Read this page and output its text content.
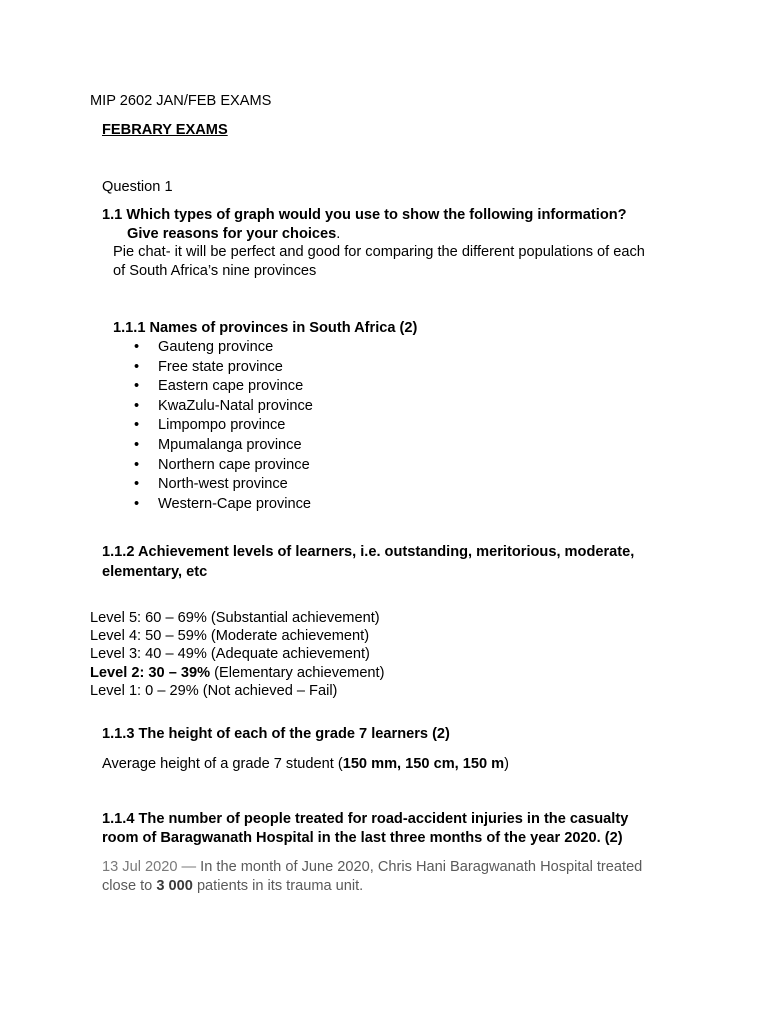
MIP 2602 JAN/FEB EXAMS
FEBRARY EXAMS
Question 1
1.1 Which types of graph would you use to show the following information?
Give reasons for your choices.
Pie chat- it will be perfect and good for comparing the different populations of each
of South Africa’s nine provinces
1.1.1 Names of provinces in South Africa (2)
• Gauteng province
• Free state province
• Eastern cape province
• KwaZulu-Natal province
• Limpompo province
• Mpumalanga province
• Northern cape province
• North-west province
• Western-Cape province
1.1.2 Achievement levels of learners, i.e. outstanding, meritorious, moderate,
elementary, etc
Level 5: 60 – 69% (Substantial achievement)
Level 4: 50 – 59% (Moderate achievement)
Level 3: 40 – 49% (Adequate achievement)
Level 2: 30 – 39% (Elementary achievement)
Level 1: 0 – 29% (Not achieved – Fail)
1.1.3 The height of each of the grade 7 learners (2)
Average height of a grade 7 student (150 mm, 150 cm, 150 m)
1.1.4 The number of people treated for road-accident injuries in the casualty
room of Baragwanath Hospital in the last three months of the year 2020. (2)
13 Jul 2020 — In the month of June 2020, Chris Hani Baragwanath Hospital treated
close to 3 000 patients in its trauma unit.
